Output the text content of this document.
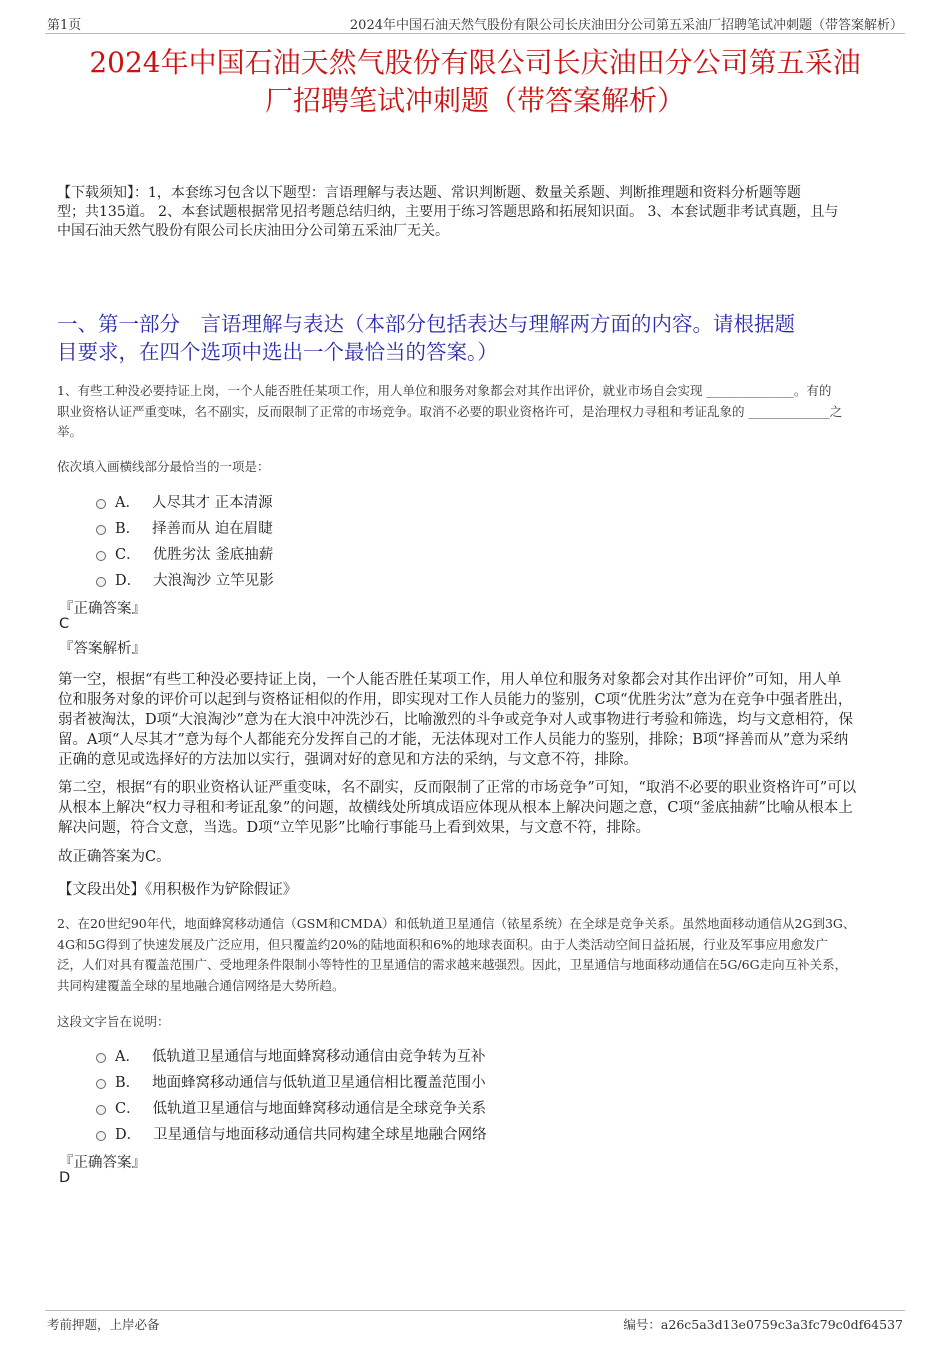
第1页	2024年中国石油天然气股份有限公司长庆油田分公司第五采油厂招聘笔试冲刺题（带答案解析）
2024年中国石油天然气股份有限公司长庆油田分公司第五采油
厂招聘笔试冲刺题（带答案解析）
【下载须知】：1，本套练习包含以下题型：言语理解与表达题、常识判断题、数量关系题、判断推理题和资料分析题等题
型；共135道。 2、本套试题根据常见招考题总结归纳，主要用于练习答题思路和拓展知识面。 3、本套试题非考试真题，且与
中国石油天然气股份有限公司长庆油田分公司第五采油厂无关。
一、第一部分　言语理解与表达（本部分包括表达与理解两方面的内容。请根据题
目要求，在四个选项中选出一个最恰当的答案。）
1、有些工种没必要持证上岗，一个人能否胜任某项工作，用人单位和服务对象都会对其作出评价，就业市场自会实现 ______________。有的
职业资格认证严重变味，名不副实，反而限制了正常的市场竞争。取消不必要的职业资格许可，是治理权力寻租和考证乱象的 _____________之
举。
依次填入画横线部分最恰当的一项是：
A． 人尽其才 正本清源
B． 择善而从 迫在眉睫
C． 优胜劣汰 釜底抽薪
D． 大浪淘沙 立竿见影
『正确答案』
C
『答案解析』
第一空，根据“有些工种没必要持证上岗，一个人能否胜任某项工作，用人单位和服务对象都会对其作出评价”可知，用人单
位和服务对象的评价可以起到与资格证相似的作用，即实现对工作人员能力的鉴别，C项“优胜劣汰”意为在竞争中强者胜出，
弱者被淘汰，D项“大浪淘沙”意为在大浪中冲洗沙石，比喻激烈的斗争或竞争对人或事物进行考验和筛选，均与文意相符，保
留。A项“人尽其才”意为每个人都能充分发挥自己的才能，无法体现对工作人员能力的鉴别，排除；B项“择善而从”意为采纳
正确的意见或选择好的方法加以实行，强调对好的意见和方法的采纳，与文意不符，排除。
第二空，根据“有的职业资格认证严重变味，名不副实，反而限制了正常的市场竞争”可知，“取消不必要的职业资格许可”可以
从根本上解决“权力寻租和考证乱象”的问题，故横线处所填成语应体现从根本上解决问题之意，C项“釜底抽薪”比喻从根本上
解决问题，符合文意，当选。D项“立竿见影”比喻行事能马上看到效果，与文意不符，排除。
故正确答案为C。
【文段出处】《用积极作为铲除假证》
2、在20世纪90年代，地面蜂窝移动通信（GSM和CMDA）和低轨道卫星通信（铱星系统）在全球是竞争关系。虽然地面移动通信从2G到3G、
4G和5G得到了快速发展及广泛应用，但只覆盖约20%的陆地面积和6%的地球表面积。由于人类活动空间日益拓展，行业及军事应用愈发广
泛，人们对具有覆盖范围广、受地理条件限制小等特性的卫星通信的需求越来越强烈。因此，卫星通信与地面移动通信在5G/6G走向互补关系，
共同构建覆盖全球的星地融合通信网络是大势所趋。
这段文字旨在说明：
A． 低轨道卫星通信与地面蜂窝移动通信由竞争转为互补
B． 地面蜂窝移动通信与低轨道卫星通信相比覆盖范围小
C． 低轨道卫星通信与地面蜂窝移动通信是全球竞争关系
D． 卫星通信与地面移动通信共同构建全球星地融合网络
『正确答案』
D
考前押题，上岸必备	编号：a26c5a3d13e0759c3a3fc79c0df64537
